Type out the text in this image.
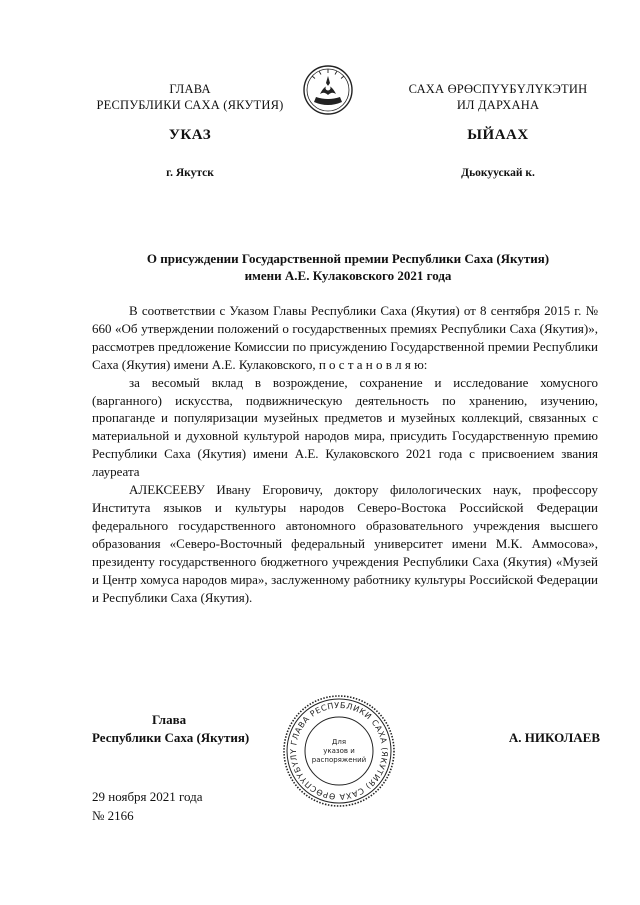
ГЛАВА
РЕСПУБЛИКИ САХА (ЯКУТИЯ)
САХА ӨРӨСПҮҮБҮЛҮКЭТИН
ИЛ ДАРХАНА
УКАЗ	ЫЙААХ
г. Якутск	Дьокуускай к.
О присуждении Государственной премии Республики Саха (Якутия)
имени А.Е. Кулаковского 2021 года

В соответствии с Указом Главы Республики Саха (Якутия) от 8 сентября 2015 г. № 660 «Об утверждении положений о государственных премиях Республики Саха (Якутия)», рассмотрев предложение Комиссии по присуждению Государственной премии Республики Саха (Якутия) имени А.Е. Кулаковского, п о с т а н о в л я ю:

за весомый вклад в возрождение, сохранение и исследование хомусного (варганного) искусства, подвижническую деятельность по хранению, изучению, пропаганде и популяризации музейных предметов и музейных коллекций, связанных с материальной и духовной культурой народов мира, присудить Государственную премию Республики Саха (Якутия) имени А.Е. Кулаковского 2021 года с присвоением звания лауреата

АЛЕКСЕЕВУ Ивану Егоровичу, доктору филологических наук, профессору Института языков и культуры народов Северо-Востока Российской Федерации федерального государственного автономного образовательного учреждения высшего образования «Северо-Восточный федеральный университет имени М.К. Аммосова», президенту государственного бюджетного учреждения Республики Саха (Якутия) «Музей и Центр хомуса народов мира», заслуженному работнику культуры Российской Федерации и Республики Саха (Якутия).

Глава
Республики Саха (Якутия)	ГЛАВА РЕСПУБЛИКИ САХА (ЯКУТИЯ) САХА ӨРӨСПҮҮБҮЛҮ
Для
указов и
распоряжений
А. НИКОЛАЕВ
29 ноября 2021 года
№ 2166
